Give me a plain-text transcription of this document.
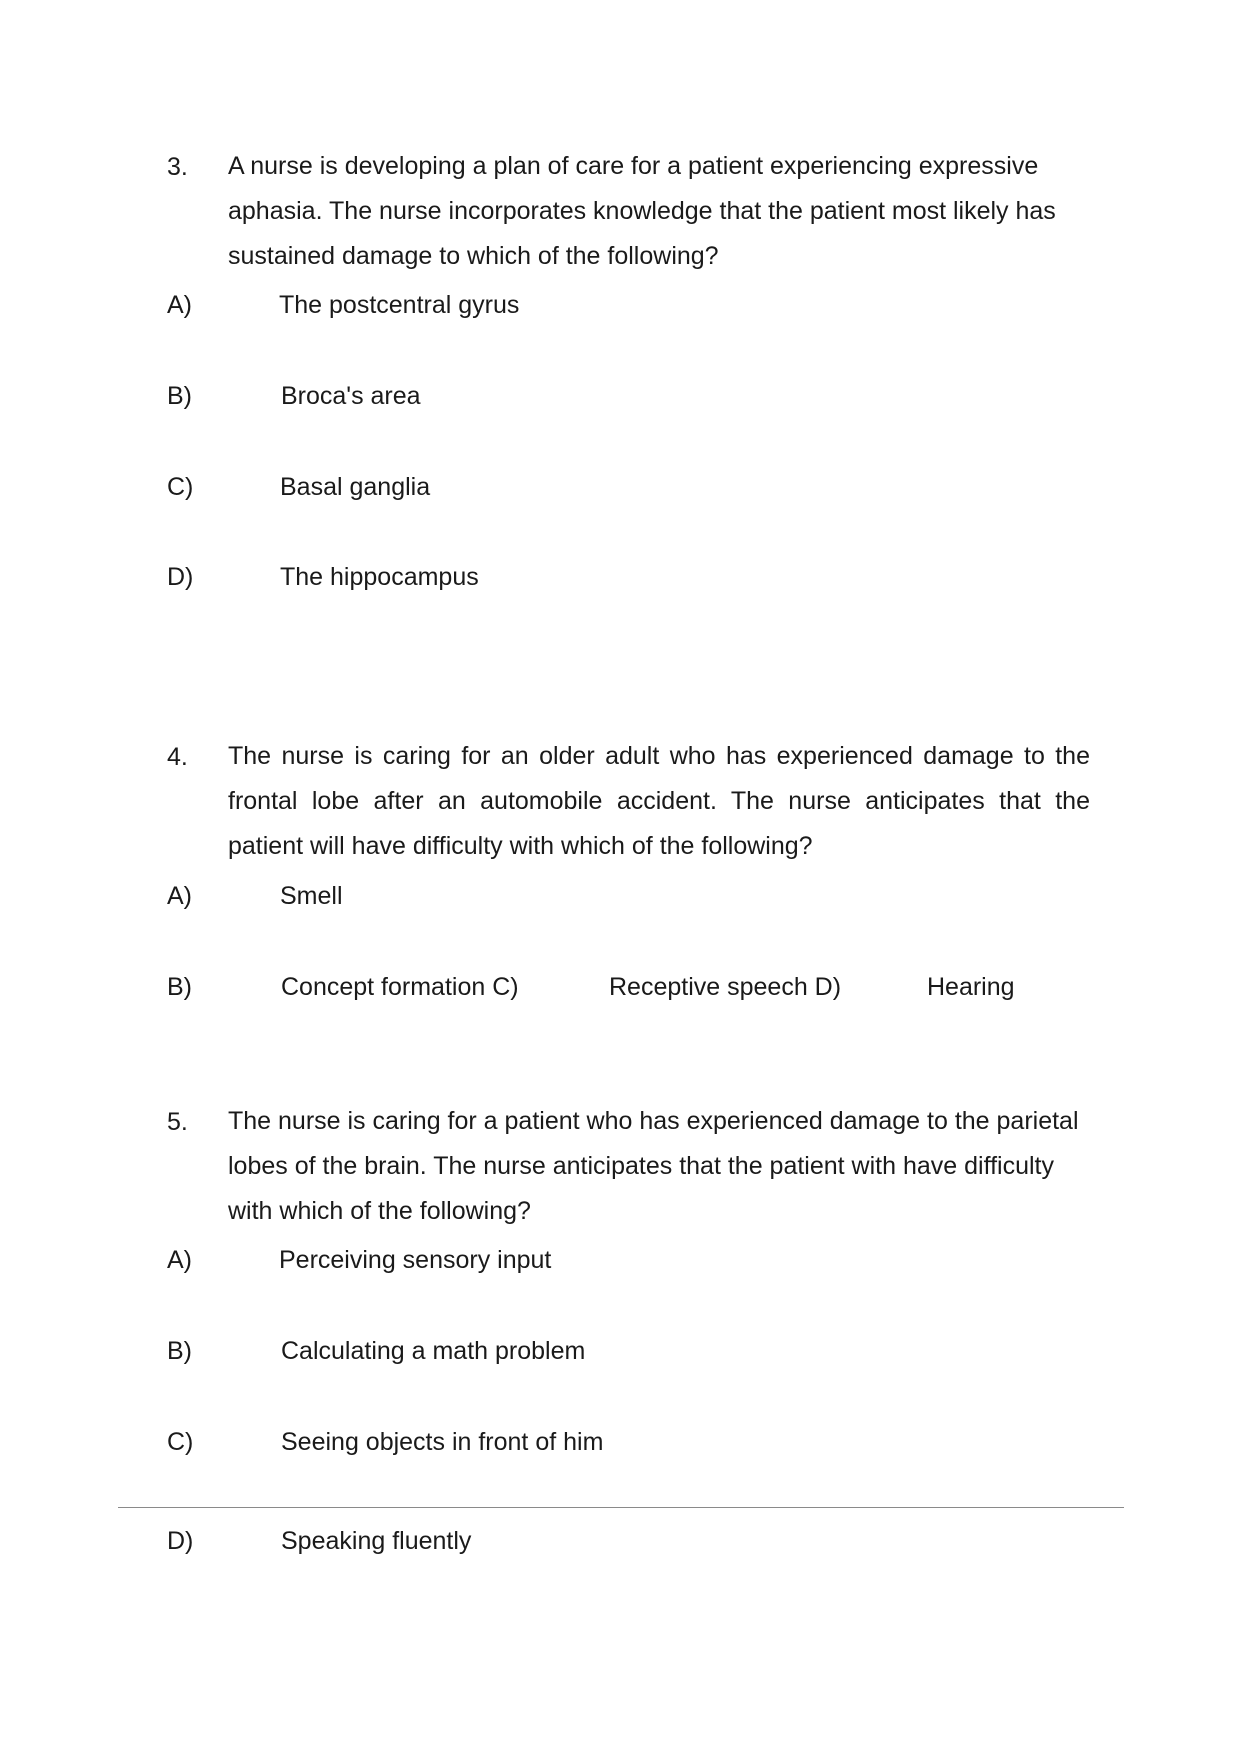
3. A nurse is developing a plan of care for a patient experiencing expressive aphasia. The nurse incorporates knowledge that the patient most likely has sustained damage to which of the following?
A)	The postcentral gyrus
B)	Broca's area
C)	Basal ganglia
D)	The hippocampus
4. The nurse is caring for an older adult who has experienced damage to the frontal lobe after an automobile accident. The nurse anticipates that the patient will have difficulty with which of the following?
A)	Smell
B)	Concept formation C)	Receptive speech D)	Hearing
5. The nurse is caring for a patient who has experienced damage to the parietal lobes of the brain. The nurse anticipates that the patient with have difficulty with which of the following?
A)	Perceiving sensory input
B)	Calculating a math problem
C)	Seeing objects in front of him
D)	Speaking fluently
